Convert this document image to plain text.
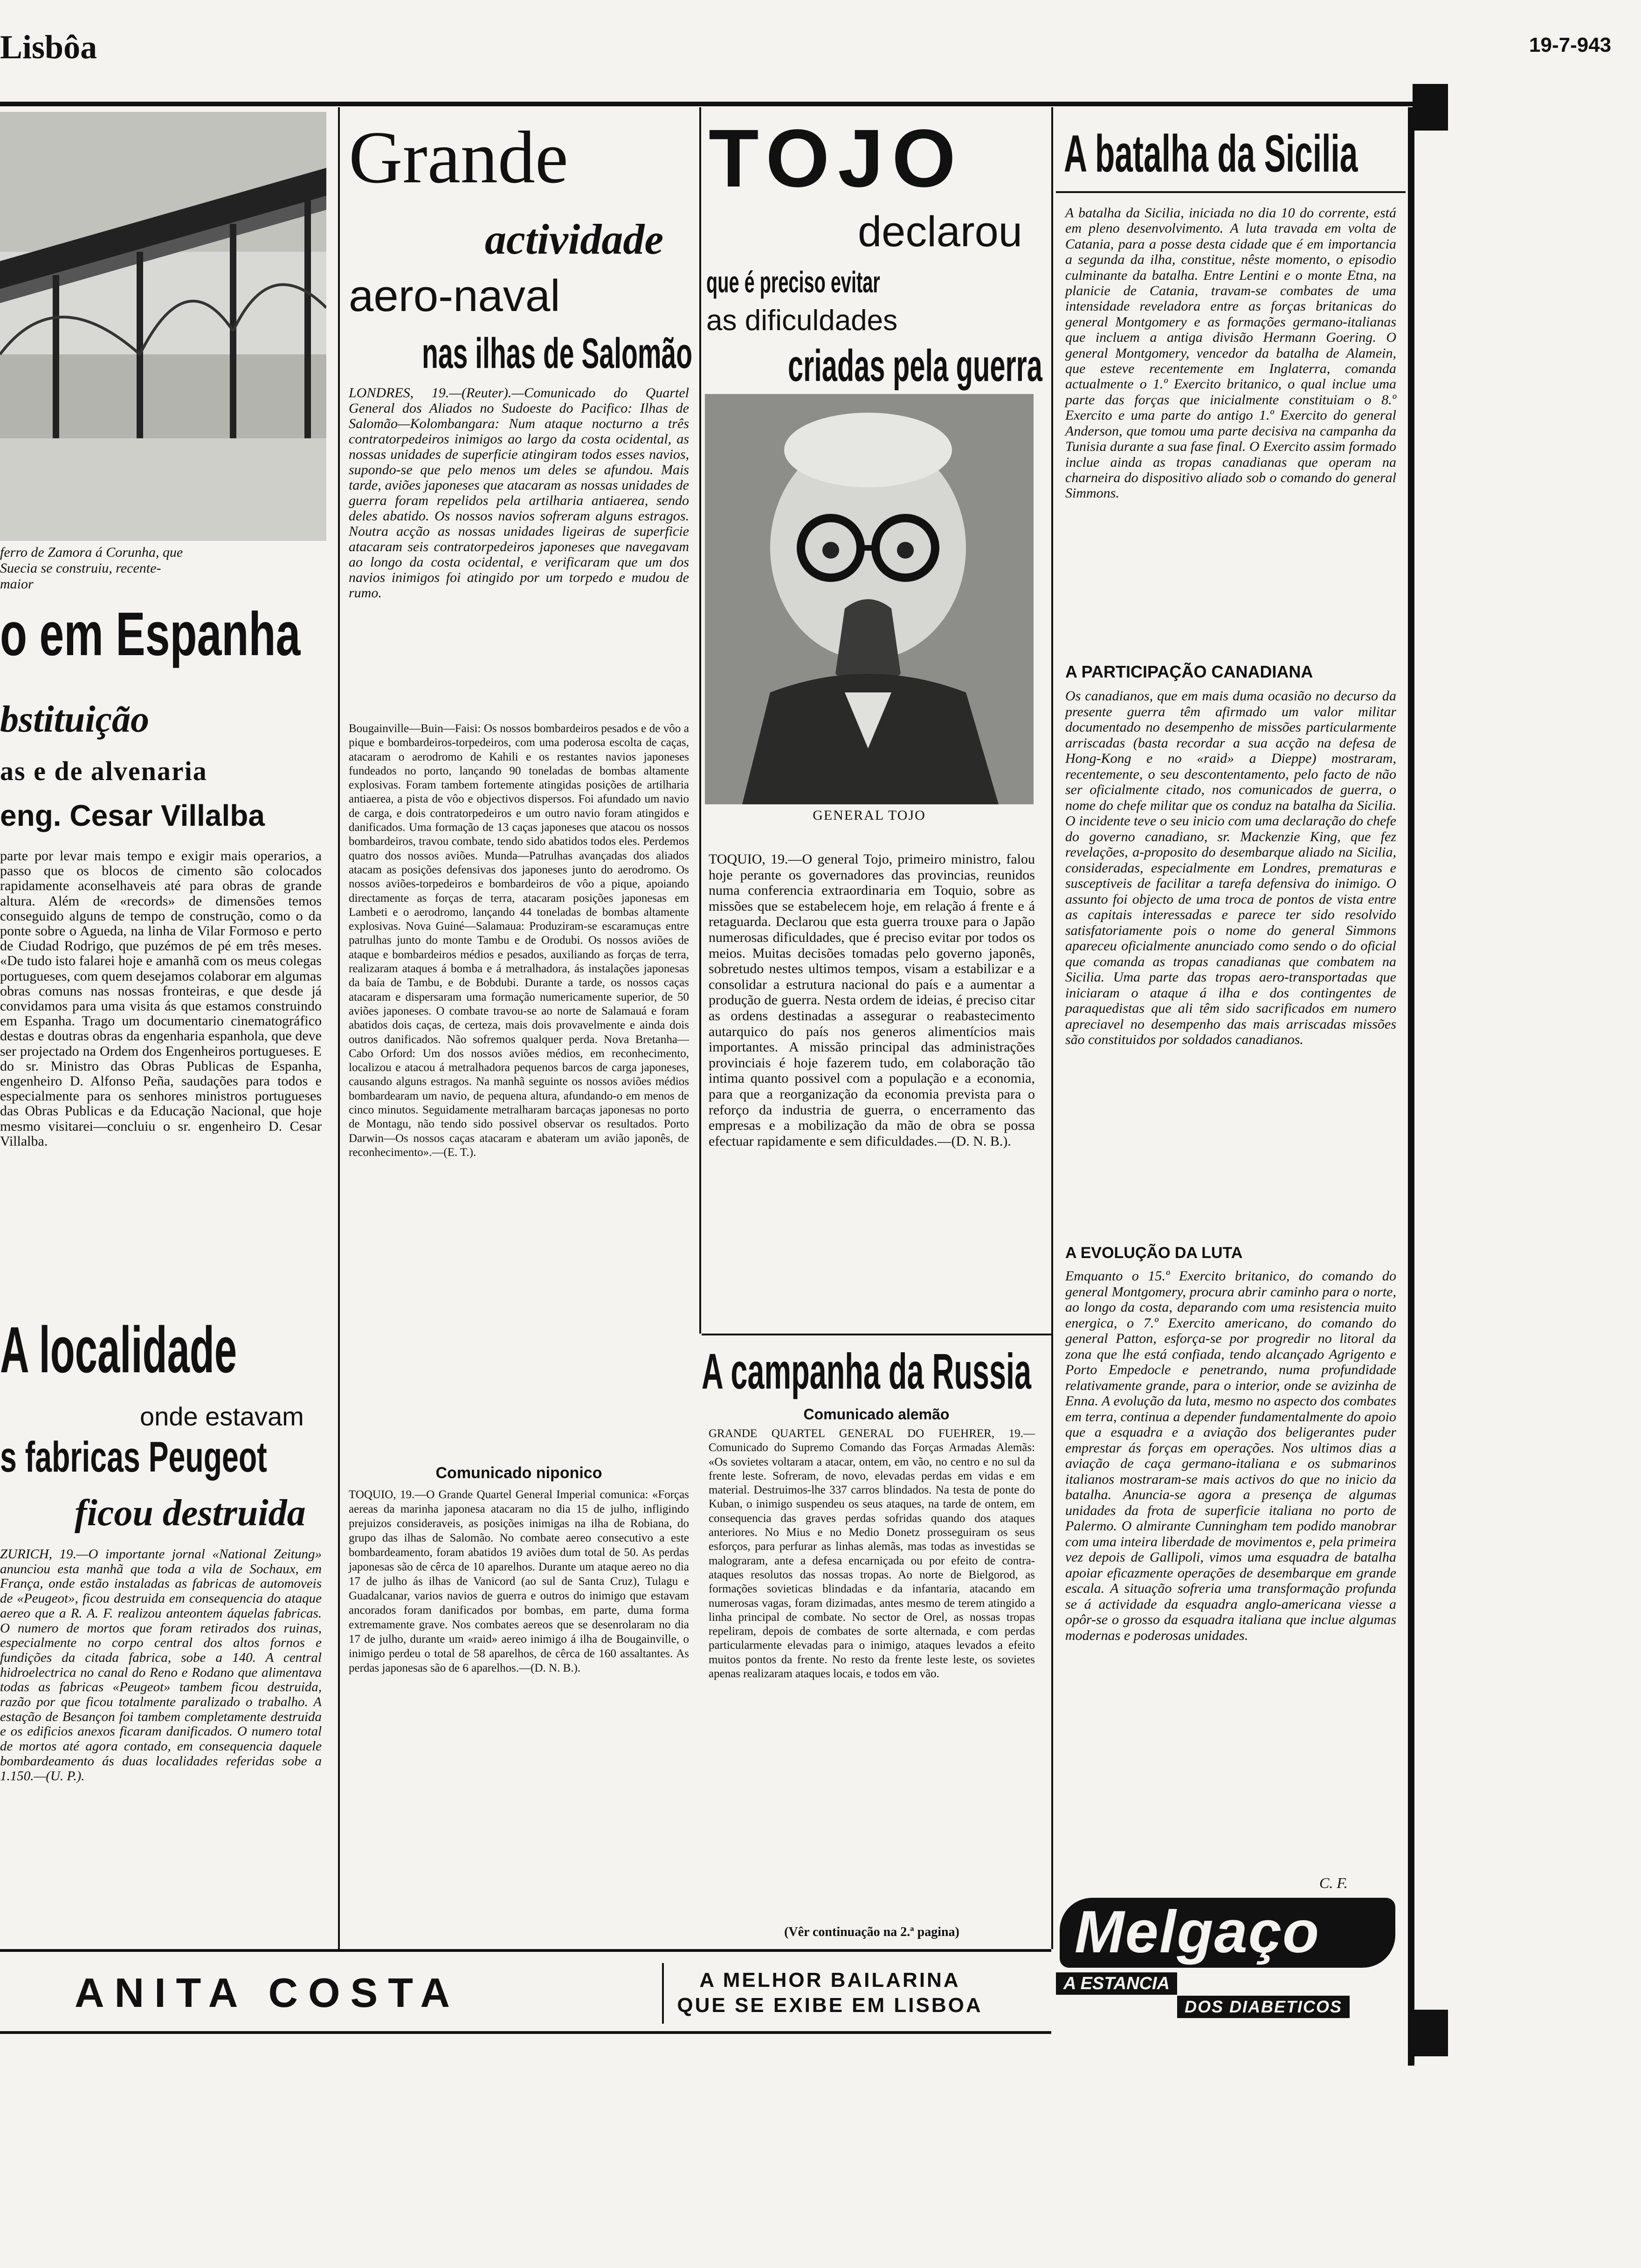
Lisbôa	19-7-943
ferro de Zamora á Corunha, que
Suecia se construiu, recente-
maior
o em Espanha
bstituição
as e de alvenaria
eng. Cesar Villalba
parte por levar mais tempo e exigir mais operarios, a passo que os blocos de cimento são colocados rapidamente aconselhaveis até para obras de grande altura. Além de «records» de dimensões temos conseguido alguns de tempo de construção, como o da ponte sobre o Agueda, na linha de Vilar Formoso e perto de Ciudad Rodrigo, que puzémos de pé em três meses. «De tudo isto falarei hoje e amanhã com os meus colegas portugueses, com quem desejamos colaborar em algumas obras comuns nas nossas fronteiras, e que desde já convidamos para uma visita ás que estamos construindo em Espanha. Trago um documentario cinematográfico destas e doutras obras da engenharia espanhola, que deve ser projectado na Ordem dos Engenheiros portugueses. E do sr. Ministro das Obras Publicas de Espanha, engenheiro D. Alfonso Peña, saudações para todos e especialmente para os senhores ministros portugueses das Obras Publicas e da Educação Nacional, que hoje mesmo visitarei—concluiu o sr. engenheiro D. Cesar Villalba.
A localidade
onde estavam
s fabricas Peugeot
ficou destruida
ZURICH, 19.—O importante jornal «National Zeitung» anunciou esta manhã que toda a vila de Sochaux, em França, onde estão instaladas as fabricas de automoveis de «Peugeot», ficou destruida em consequencia do ataque aereo que a R. A. F. realizou anteontem áquelas fabricas. O numero de mortos que foram retirados dos ruinas, especialmente no corpo central dos altos fornos e fundições da citada fabrica, sobe a 140. A central hidroelectrica no canal do Reno e Rodano que alimentava todas as fabricas «Peugeot» tambem ficou destruida, razão por que ficou totalmente paralizado o trabalho. A estação de Besançon foi tambem completamente destruida e os edificios anexos ficaram danificados. O numero total de mortos até agora contado, em consequencia daquele bombardeamento ás duas localidades referidas sobe a 1.150.—(U. P.).
Grande
actividade
aero-naval
nas ilhas de Salomão
LONDRES, 19.—(Reuter).—Comunicado do Quartel General dos Aliados no Sudoeste do Pacifico: Ilhas de Salomão—Kolombangara: Num ataque nocturno a três contratorpedeiros inimigos ao largo da costa ocidental, as nossas unidades de superficie atingiram todos esses navios, supondo-se que pelo menos um deles se afundou. Mais tarde, aviões japoneses que atacaram as nossas unidades de guerra foram repelidos pela artilharia antiaerea, sendo deles abatido. Os nossos navios sofreram alguns estragos. Noutra acção as nossas unidades ligeiras de superficie atacaram seis contratorpedeiros japoneses que navegavam ao longo da costa ocidental, e verificaram que um dos navios inimigos foi atingido por um torpedo e mudou de rumo.
Bougainville—Buin—Faisi: Os nossos bombardeiros pesados e de vôo a pique e bombardeiros-torpedeiros, com uma poderosa escolta de caças, atacaram o aerodromo de Kahili e os restantes navios japoneses fundeados no porto, lançando 90 toneladas de bombas altamente explosivas. Foram tambem fortemente atingidas posições de artilharia antiaerea, a pista de vôo e objectivos dispersos. Foi afundado um navio de carga, e dois contratorpedeiros e um outro navio foram atingidos e danificados. Uma formação de 13 caças japoneses que atacou os nossos bombardeiros, travou combate, tendo sido abatidos todos eles. Perdemos quatro dos nossos aviões. Munda—Patrulhas avançadas dos aliados atacam as posições defensivas dos japoneses junto do aerodromo. Os nossos aviões-torpedeiros e bombardeiros de vôo a pique, apoiando directamente as forças de terra, atacaram posições japonesas em Lambeti e o aerodromo, lançando 44 toneladas de bombas altamente explosivas. Nova Guiné—Salamaua: Produziram-se escaramuças entre patrulhas junto do monte Tambu e de Orodubi. Os nossos aviões de ataque e bombardeiros médios e pesados, auxiliando as forças de terra, realizaram ataques á bomba e á metralhadora, ás instalações japonesas da baía de Tambu, e de Bobdubi. Durante a tarde, os nossos caças atacaram e dispersaram uma formação numericamente superior, de 50 aviões japoneses. O combate travou-se ao norte de Salamauá e foram abatidos dois caças, de certeza, mais dois provavelmente e ainda dois outros danificados. Não sofremos qualquer perda. Nova Bretanha—Cabo Orford: Um dos nossos aviões médios, em reconhecimento, localizou e atacou á metralhadora pequenos barcos de carga japoneses, causando alguns estragos. Na manhã seguinte os nossos aviões médios bombardearam um navio, de pequena altura, afundando-o em menos de cinco minutos. Seguidamente metralharam barcaças japonesas no porto de Montagu, não tendo sido possivel observar os resultados. Porto Darwin—Os nossos caças atacaram e abateram um avião japonês, de reconhecimento».—(E. T.).
Comunicado niponico
TOQUIO, 19.—O Grande Quartel General Imperial comunica: «Forças aereas da marinha japonesa atacaram no dia 15 de julho, infligindo prejuizos consideraveis, as posições inimigas na ilha de Robiana, do grupo das ilhas de Salomão. No combate aereo consecutivo a este bombardeamento, foram abatidos 19 aviões dum total de 50. As perdas japonesas são de cêrca de 10 aparelhos. Durante um ataque aereo no dia 17 de julho ás ilhas de Vanicord (ao sul de Santa Cruz), Tulagu e Guadalcanar, varios navios de guerra e outros do inimigo que estavam ancorados foram danificados por bombas, em parte, duma forma extremamente grave. Nos combates aereos que se desenrolaram no dia 17 de julho, durante um «raid» aereo inimigo á ilha de Bougainville, o inimigo perdeu o total de 58 aparelhos, de cêrca de 160 assaltantes. As perdas japonesas são de 6 aparelhos.—(D. N. B.).
TOJO
declarou
que é preciso evitar
as dificuldades
criadas pela guerra
GENERAL TOJO
TOQUIO, 19.—O general Tojo, primeiro ministro, falou hoje perante os governadores das provincias, reunidos numa conferencia extraordinaria em Toquio, sobre as missões que se estabelecem hoje, em relação á frente e á retaguarda. Declarou que esta guerra trouxe para o Japão numerosas dificuldades, que é preciso evitar por todos os meios. Muitas decisões tomadas pelo governo japonês, sobretudo nestes ultimos tempos, visam a estabilizar e a consolidar a estrutura nacional do país e a aumentar a produção de guerra. Nesta ordem de ideias, é preciso citar as ordens destinadas a assegurar o reabastecimento autarquico do país nos generos alimentícios mais importantes. A missão principal das administrações provinciais é hoje fazerem tudo, em colaboração tão intima quanto possivel com a população e a economia, para que a reorganização da economia prevista para o reforço da industria de guerra, o encerramento das empresas e a mobilização da mão de obra se possa efectuar rapidamente e sem dificuldades.—(D. N. B.).
A campanha da Russia
Comunicado alemão
GRANDE QUARTEL GENERAL DO FUEHRER, 19.—Comunicado do Supremo Comando das Forças Armadas Alemãs: «Os sovietes voltaram a atacar, ontem, em vão, no centro e no sul da frente leste. Sofreram, de novo, elevadas perdas em vidas e em material. Destruimos-lhe 337 carros blindados. Na testa de ponte do Kuban, o inimigo suspendeu os seus ataques, na tarde de ontem, em consequencia das graves perdas sofridas quando dos ataques anteriores. No Mius e no Medio Donetz prosseguiram os seus esforços, para perfurar as linhas alemãs, mas todas as investidas se malograram, ante a defesa encarniçada ou por efeito de contra-ataques resolutos das nossas tropas. Ao norte de Bielgorod, as formações sovieticas blindadas e da infantaria, atacando em numerosas vagas, foram dizimadas, antes mesmo de terem atingido a linha principal de combate. No sector de Orel, as nossas tropas repeliram, depois de combates de sorte alternada, e com perdas particularmente elevadas para o inimigo, ataques levados a efeito muitos pontos da frente. No resto da frente leste leste, os sovietes apenas realizaram ataques locais, e todos em vão.
(Vêr continuação na 2.ª pagina)
A batalha da Sicilia
A batalha da Sicilia, iniciada no dia 10 do corrente, está em pleno desenvolvimento. A luta travada em volta de Catania, para a posse desta cidade que é em importancia a segunda da ilha, constitue, nêste momento, o episodio culminante da batalha. Entre Lentini e o monte Etna, na planicie de Catania, travam-se combates de uma intensidade reveladora entre as forças britanicas do general Montgomery e as formações germano-italianas que incluem a antiga divisão Hermann Goering. O general Montgomery, vencedor da batalha de Alamein, que esteve recentemente em Inglaterra, comanda actualmente o 1.º Exercito britanico, o qual inclue uma parte das forças que inicialmente constituiam o 8.º Exercito e uma parte do antigo 1.º Exercito do general Anderson, que tomou uma parte decisiva na campanha da Tunisia durante a sua fase final. O Exercito assim formado inclue ainda as tropas canadianas que operam na charneira do dispositivo aliado sob o comando do general Simmons.
A PARTICIPAÇÃO CANADIANA
Os canadianos, que em mais duma ocasião no decurso da presente guerra têm afirmado um valor militar documentado no desempenho de missões particularmente arriscadas (basta recordar a sua acção na defesa de Hong-Kong e no «raid» a Dieppe) mostraram, recentemente, o seu descontentamento, pelo facto de não ser oficialmente citado, nos comunicados de guerra, o nome do chefe militar que os conduz na batalha da Sicilia. O incidente teve o seu inicio com uma declaração do chefe do governo canadiano, sr. Mackenzie King, que fez revelações, a-proposito do desembarque aliado na Sicilia, consideradas, especialmente em Londres, prematuras e susceptiveis de facilitar a tarefa defensiva do inimigo. O assunto foi objecto de uma troca de pontos de vista entre as capitais interessadas e parece ter sido resolvido satisfatoriamente pois o nome do general Simmons apareceu oficialmente anunciado como sendo o do oficial que comanda as tropas canadianas que combatem na Sicilia. Uma parte das tropas aero-transportadas que iniciaram o ataque á ilha e dos contingentes de paraquedistas que ali têm sido sacrificados em numero apreciavel no desempenho das mais arriscadas missões são constituidos por soldados canadianos.
A EVOLUÇÃO DA LUTA
Emquanto o 15.º Exercito britanico, do comando do general Montgomery, procura abrir caminho para o norte, ao longo da costa, deparando com uma resistencia muito energica, o 7.º Exercito americano, do comando do general Patton, esforça-se por progredir no litoral da zona que lhe está confiada, tendo alcançado Agrigento e Porto Empedocle e penetrando, numa profundidade relativamente grande, para o interior, onde se avizinha de Enna. A evolução da luta, mesmo no aspecto dos combates em terra, continua a depender fundamentalmente do apoio que a esquadra e a aviação dos beligerantes puder emprestar ás forças em operações. Nos ultimos dias a aviação de caça germano-italiana e os submarinos italianos mostraram-se mais activos do que no inicio da batalha. Anuncia-se agora a presença de algumas unidades da frota de superficie italiana no porto de Palermo. O almirante Cunningham tem podido manobrar com uma inteira liberdade de movimentos e, pela primeira vez depois de Gallipoli, vimos uma esquadra de batalha apoiar eficazmente operações de desembarque em grande escala. A situação sofreria uma transformação profunda se á actividade da esquadra anglo-americana viesse a opôr-se o grosso da esquadra italiana que inclue algumas modernas e poderosas unidades.
C. F.
Melgaço
A ESTANCIA
DOS DIABETICOS
ANITA COSTA	A MELHOR BAILARINA
QUE SE EXIBE EM LISBOA
